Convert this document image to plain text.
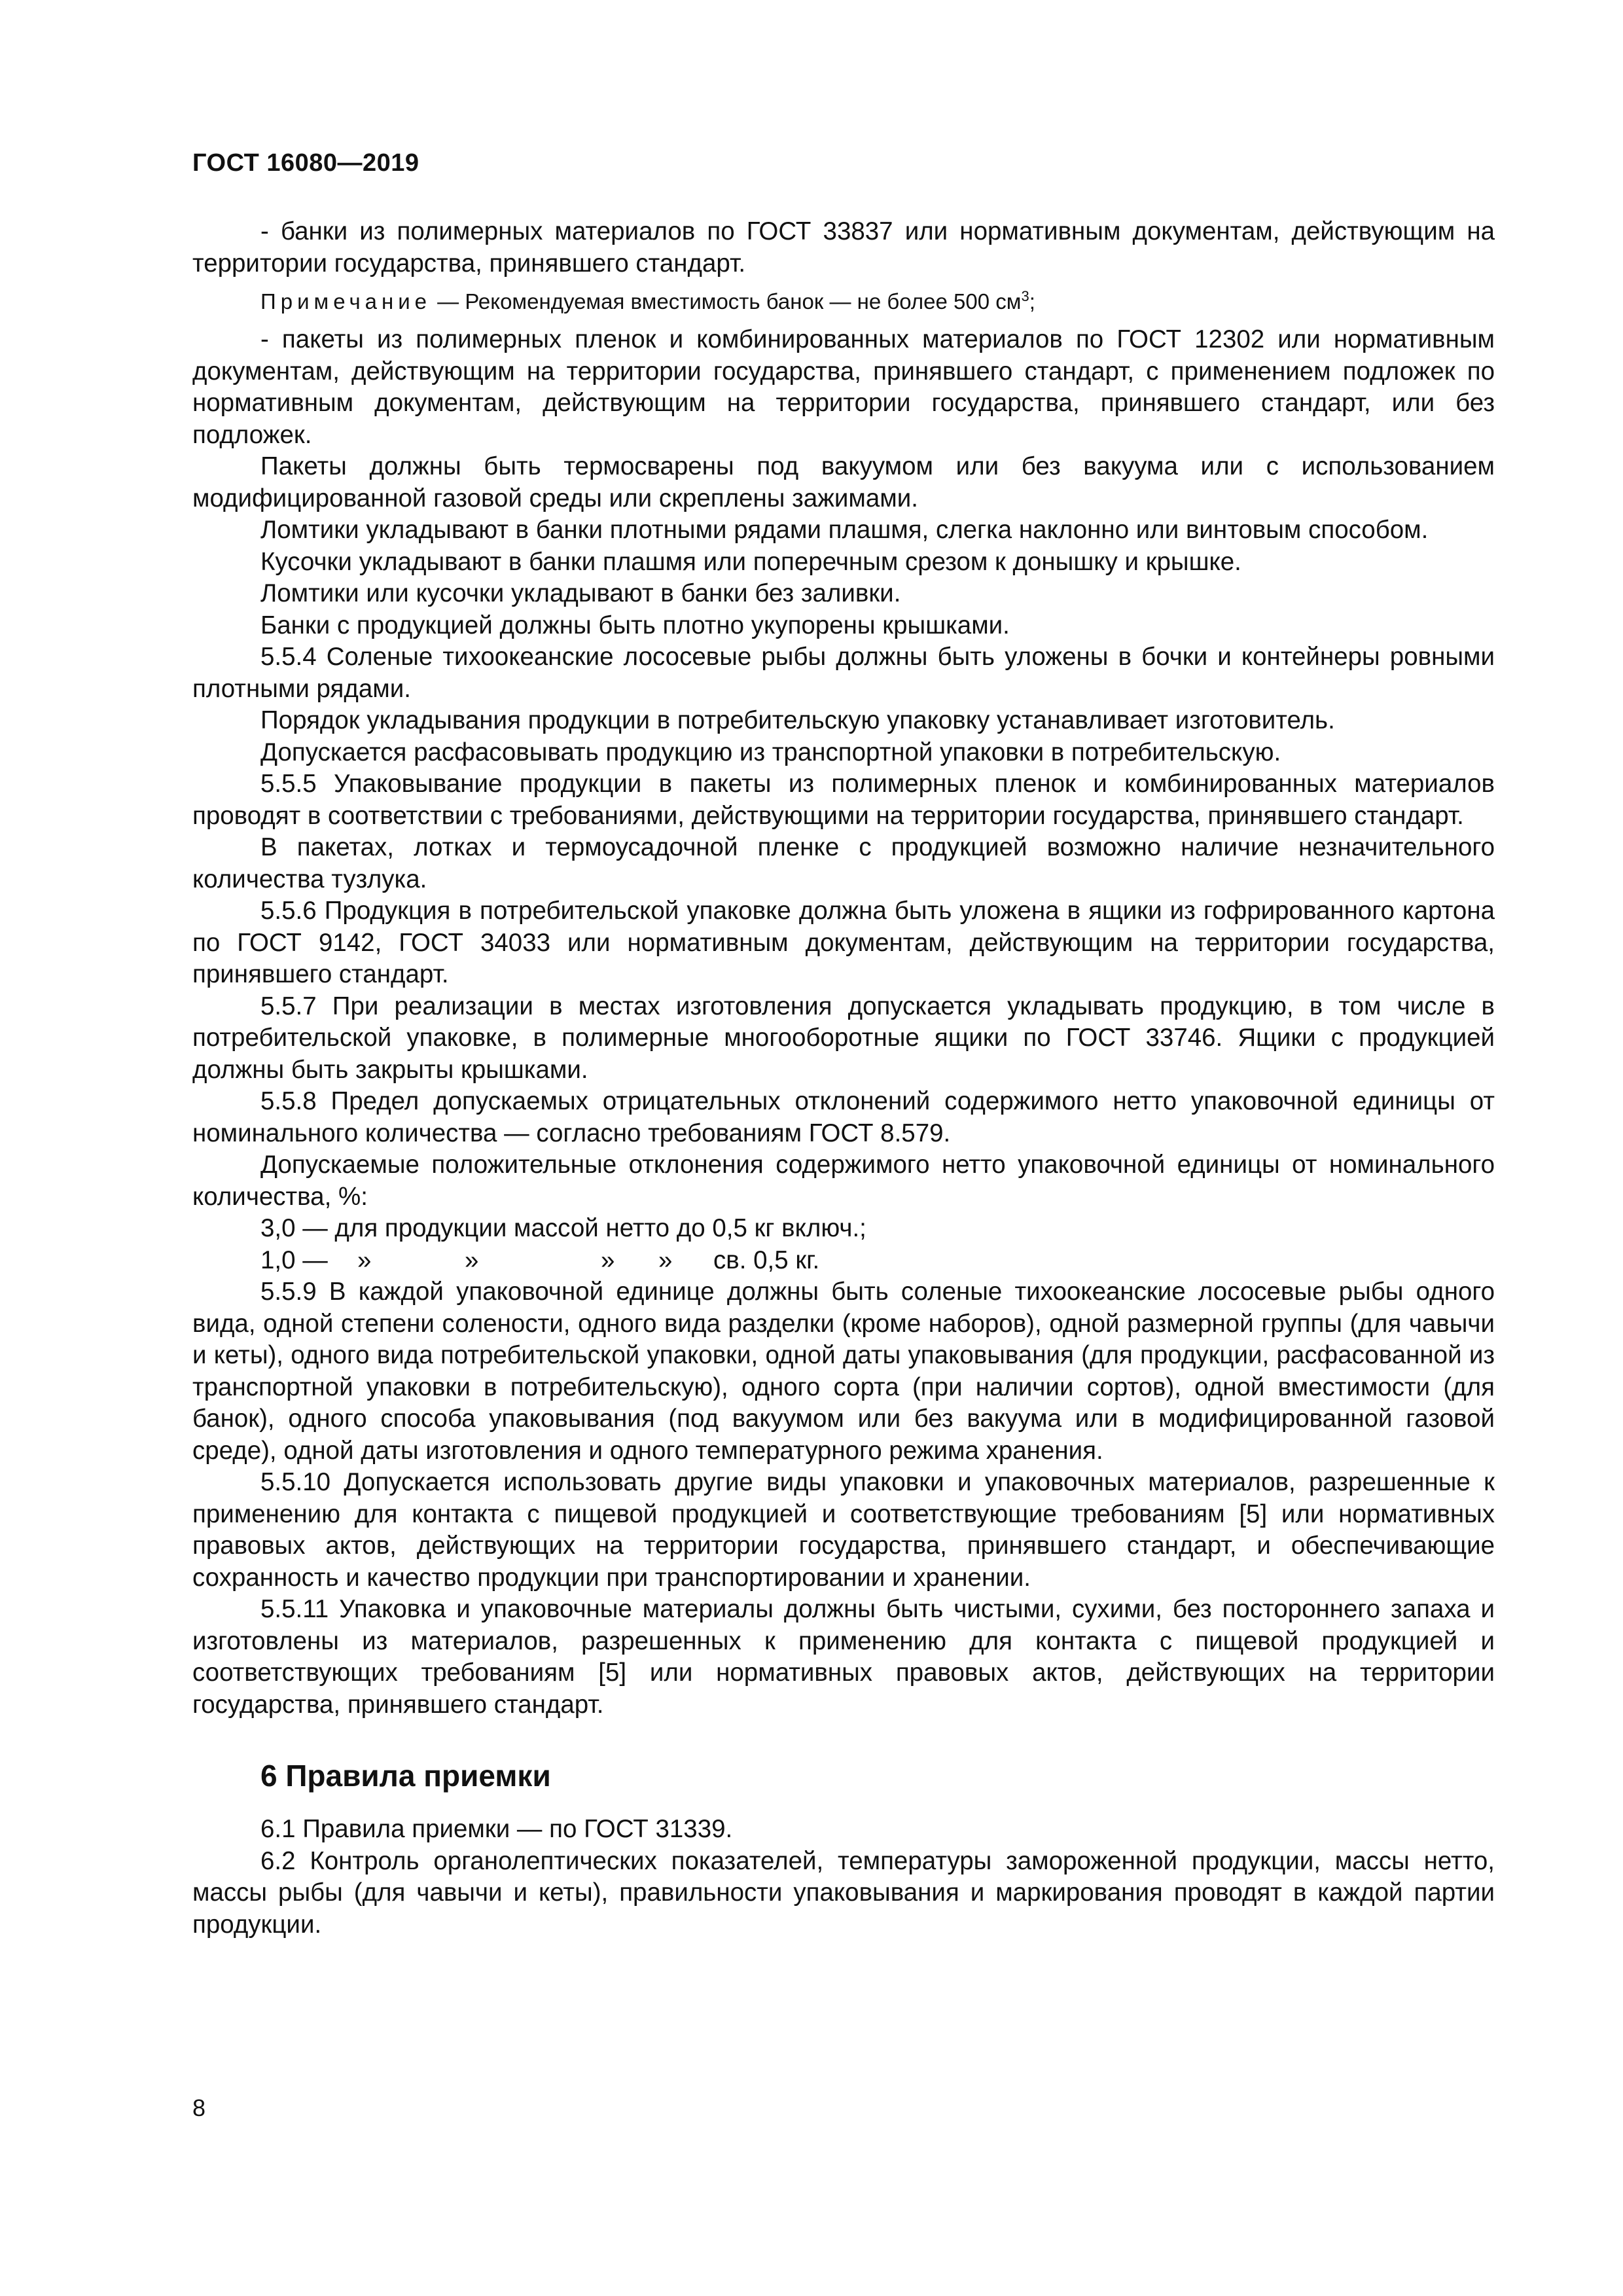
ГОСТ 16080—2019

- банки из полимерных материалов по ГОСТ 33837 или нормативным документам, действующим на территории государства, принявшего стандарт.

Примечание — Рекомендуемая вместимость банок — не более 500 $см^3$;

- пакеты из полимерных пленок и комбинированных материалов по ГОСТ 12302 или нормативным документам, действующим на территории государства, принявшего стандарт, с применением подложек по нормативным документам, действующим на территории государства, принявшего стандарт, или без подложек.

Пакеты должны быть термосварены под вакуумом или без вакуума или с использованием модифицированной газовой среды или скреплены зажимами.

Ломтики укладывают в банки плотными рядами плашмя, слегка наклонно или винтовым способом.

Кусочки укладывают в банки плашмя или поперечным срезом к донышку и крышке.

Ломтики или кусочки укладывают в банки без заливки.

Банки с продукцией должны быть плотно укупорены крышками.

5.5.4 Соленые тихоокеанские лососевые рыбы должны быть уложены в бочки и контейнеры ровными плотными рядами.

Порядок укладывания продукции в потребительскую упаковку устанавливает изготовитель.

Допускается расфасовывать продукцию из транспортной упаковки в потребительскую.

5.5.5 Упаковывание продукции в пакеты из полимерных пленок и комбинированных материалов проводят в соответствии с требованиями, действующими на территории государства, принявшего стандарт.

В пакетах, лотках и термоусадочной пленке с продукцией возможно наличие незначительного количества тузлука.

5.5.6 Продукция в потребительской упаковке должна быть уложена в ящики из гофрированного картона по ГОСТ 9142, ГОСТ 34033 или нормативным документам, действующим на территории государства, принявшего стандарт.

5.5.7 При реализации в местах изготовления допускается укладывать продукцию, в том числе в потребительской упаковке, в полимерные многооборотные ящики по ГОСТ 33746. Ящики с продукцией должны быть закрыты крышками.

5.5.8 Предел допускаемых отрицательных отклонений содержимого нетто упаковочной единицы от номинального количества — согласно требованиям ГОСТ 8.579.

Допускаемые положительные отклонения содержимого нетто упаковочной единицы от номинального количества, %:

3,0 — для продукции массой нетто до 0,5 кг включ.;

1,0 — »	»	» » св. 0,5 кг.

5.5.9 В каждой упаковочной единице должны быть соленые тихоокеанские лососевые рыбы одного вида, одной степени солености, одного вида разделки (кроме наборов), одной размерной группы (для чавычи и кеты), одного вида потребительской упаковки, одной даты упаковывания (для продукции, расфасованной из транспортной упаковки в потребительскую), одного сорта (при наличии сортов), одной вместимости (для банок), одного способа упаковывания (под вакуумом или без вакуума или в модифицированной газовой среде), одной даты изготовления и одного температурного режима хранения.

5.5.10 Допускается использовать другие виды упаковки и упаковочных материалов, разрешенные к применению для контакта с пищевой продукцией и соответствующие требованиям [5] или нормативных правовых актов, действующих на территории государства, принявшего стандарт, и обеспечивающие сохранность и качество продукции при транспортировании и хранении.

5.5.11 Упаковка и упаковочные материалы должны быть чистыми, сухими, без постороннего запаха и изготовлены из материалов, разрешенных к применению для контакта с пищевой продукцией и соответствующих требованиям [5] или нормативных правовых актов, действующих на территории государства, принявшего стандарт.

6 Правила приемки

6.1 Правила приемки — по ГОСТ 31339.

6.2 Контроль органолептических показателей, температуры замороженной продукции, массы нетто, массы рыбы (для чавычи и кеты), правильности упаковывания и маркирования проводят в каждой партии продукции.

8
